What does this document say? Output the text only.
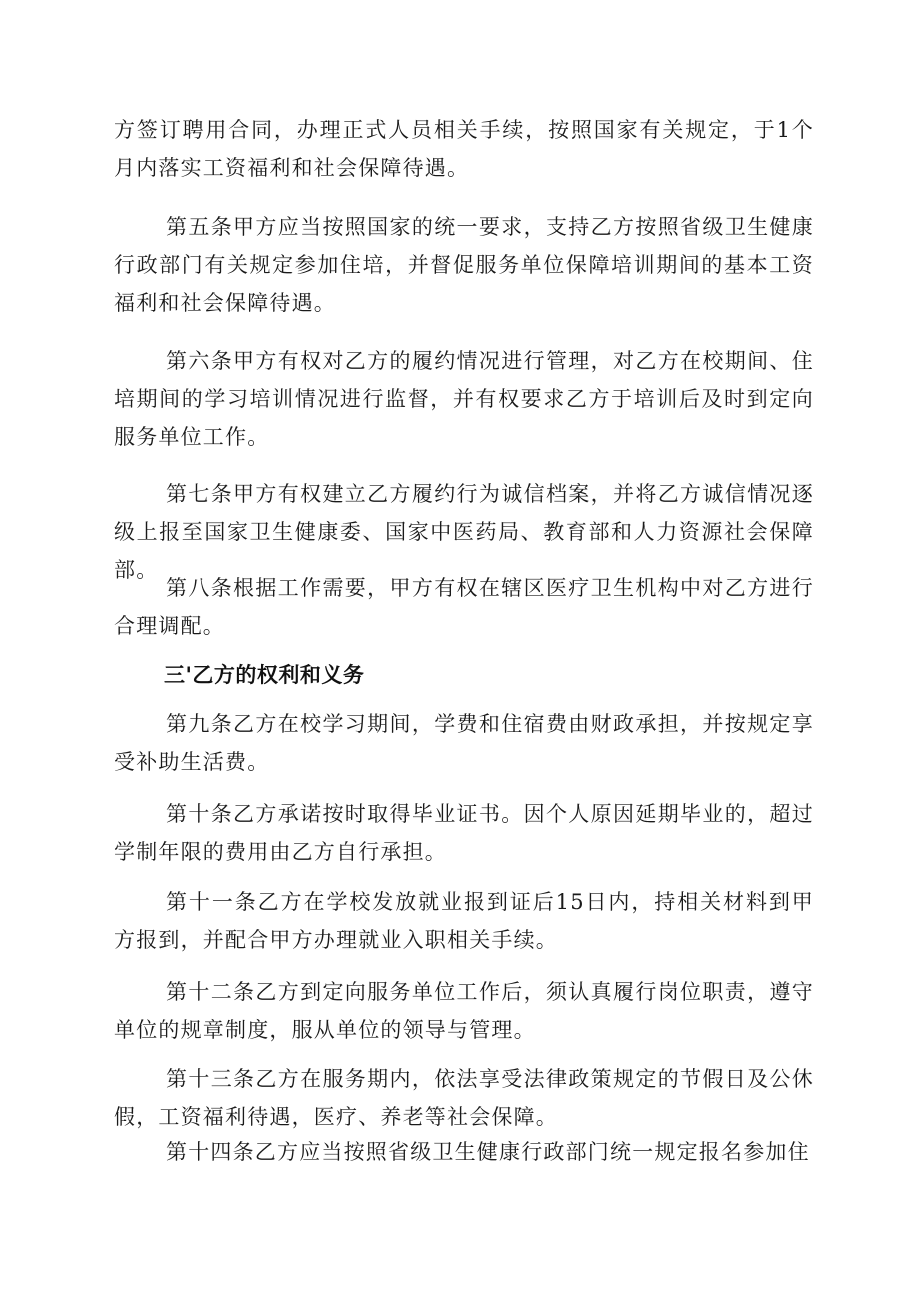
方签订聘用合同，办理正式人员相关手续，按照国家有关规定，于1个月内落实工资福利和社会保障待遇。

第五条甲方应当按照国家的统一要求，支持乙方按照省级卫生健康行政部门有关规定参加住培，并督促服务单位保障培训期间的基本工资福利和社会保障待遇。

第六条甲方有权对乙方的履约情况进行管理，对乙方在校期间、住培期间的学习培训情况进行监督，并有权要求乙方于培训后及时到定向服务单位工作。

第七条甲方有权建立乙方履约行为诚信档案，并将乙方诚信情况逐级上报至国家卫生健康委、国家中医药局、教育部和人力资源社会保障部。

第八条根据工作需要，甲方有权在辖区医疗卫生机构中对乙方进行合理调配。

三'乙方的权利和义务

第九条乙方在校学习期间，学费和住宿费由财政承担，并按规定享受补助生活费。

第十条乙方承诺按时取得毕业证书。因个人原因延期毕业的，超过学制年限的费用由乙方自行承担。

第十一条乙方在学校发放就业报到证后15日内，持相关材料到甲方报到，并配合甲方办理就业入职相关手续。

第十二条乙方到定向服务单位工作后，须认真履行岗位职责，遵守单位的规章制度，服从单位的领导与管理。

第十三条乙方在服务期内，依法享受法律政策规定的节假日及公休假，工资福利待遇，医疗、养老等社会保障。

第十四条乙方应当按照省级卫生健康行政部门统一规定报名参加住
